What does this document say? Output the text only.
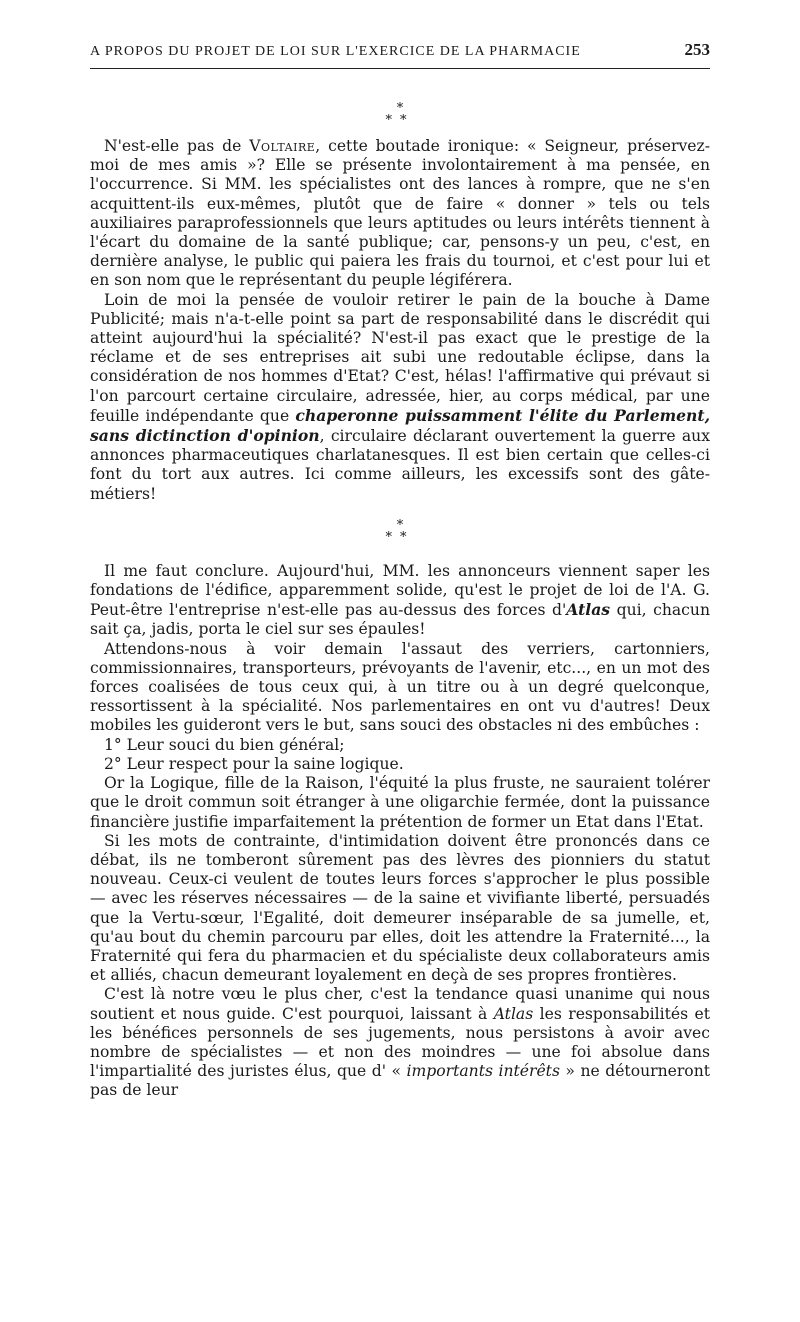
A PROPOS DU PROJET DE LOI SUR L'EXERCICE DE LA PHARMACIE	253
*
**

N'est-elle pas de Voltaire, cette boutade ironique: « Seigneur, préservez-moi de mes amis »? Elle se présente involontairement à ma pensée, en l'occurrence. Si MM. les spécialistes ont des lances à rompre, que ne s'en acquittent-ils eux-mêmes, plutôt que de faire « donner » tels ou tels auxiliaires paraprofessionnels que leurs aptitudes ou leurs intérêts tiennent à l'écart du domaine de la santé publique; car, pensons-y un peu, c'est, en dernière analyse, le public qui paiera les frais du tournoi, et c'est pour lui et en son nom que le représentant du peuple légiférera.

Loin de moi la pensée de vouloir retirer le pain de la bouche à Dame Publicité; mais n'a-t-elle point sa part de responsabilité dans le discrédit qui atteint aujourd'hui la spécialité? N'est-il pas exact que le prestige de la réclame et de ses entreprises ait subi une redoutable éclipse, dans la considération de nos hommes d'Etat? C'est, hélas! l'affirmative qui prévaut si l'on parcourt certaine circulaire, adressée, hier, au corps médical, par une feuille indépendante que chaperonne puissamment l'élite du Parlement, sans dictinction d'opinion, circulaire déclarant ouvertement la guerre aux annonces pharmaceutiques charlatanesques. Il est bien certain que celles-ci font du tort aux autres. Ici comme ailleurs, les excessifs sont des gâte-métiers!

*
**

Il me faut conclure. Aujourd'hui, MM. les annonceurs viennent saper les fondations de l'édifice, apparemment solide, qu'est le projet de loi de l'A. G. Peut-être l'entreprise n'est-elle pas au-dessus des forces d'Atlas qui, chacun sait ça, jadis, porta le ciel sur ses épaules!

Attendons-nous à voir demain l'assaut des verriers, cartonniers, commissionnaires, transporteurs, prévoyants de l'avenir, etc..., en un mot des forces coalisées de tous ceux qui, à un titre ou à un degré quelconque, ressortissent à la spécialité. Nos parlementaires en ont vu d'autres! Deux mobiles les guideront vers le but, sans souci des obstacles ni des embûches :

1° Leur souci du bien général;

2° Leur respect pour la saine logique.

Or la Logique, fille de la Raison, l'équité la plus fruste, ne sauraient tolérer que le droit commun soit étranger à une oligarchie fermée, dont la puissance financière justifie imparfaitement la prétention de former un Etat dans l'Etat.

Si les mots de contrainte, d'intimidation doivent être prononcés dans ce débat, ils ne tomberont sûrement pas des lèvres des pionniers du statut nouveau. Ceux-ci veulent de toutes leurs forces s'approcher le plus possible — avec les réserves nécessaires — de la saine et vivifiante liberté, persuadés que la Vertu-sœur, l'Egalité, doit demeurer inséparable de sa jumelle, et, qu'au bout du chemin parcouru par elles, doit les attendre la Fraternité..., la Fraternité qui fera du pharmacien et du spécialiste deux collaborateurs amis et alliés, chacun demeurant loyalement en deçà de ses propres frontières.

C'est là notre vœu le plus cher, c'est la tendance quasi unanime qui nous soutient et nous guide. C'est pourquoi, laissant à Atlas les responsabilités et les bénéfices personnels de ses jugements, nous persistons à avoir avec nombre de spécialistes — et non des moindres — une foi absolue dans l'impartialité des juristes élus, que d' « importants intérêts » ne détourneront pas de leur
